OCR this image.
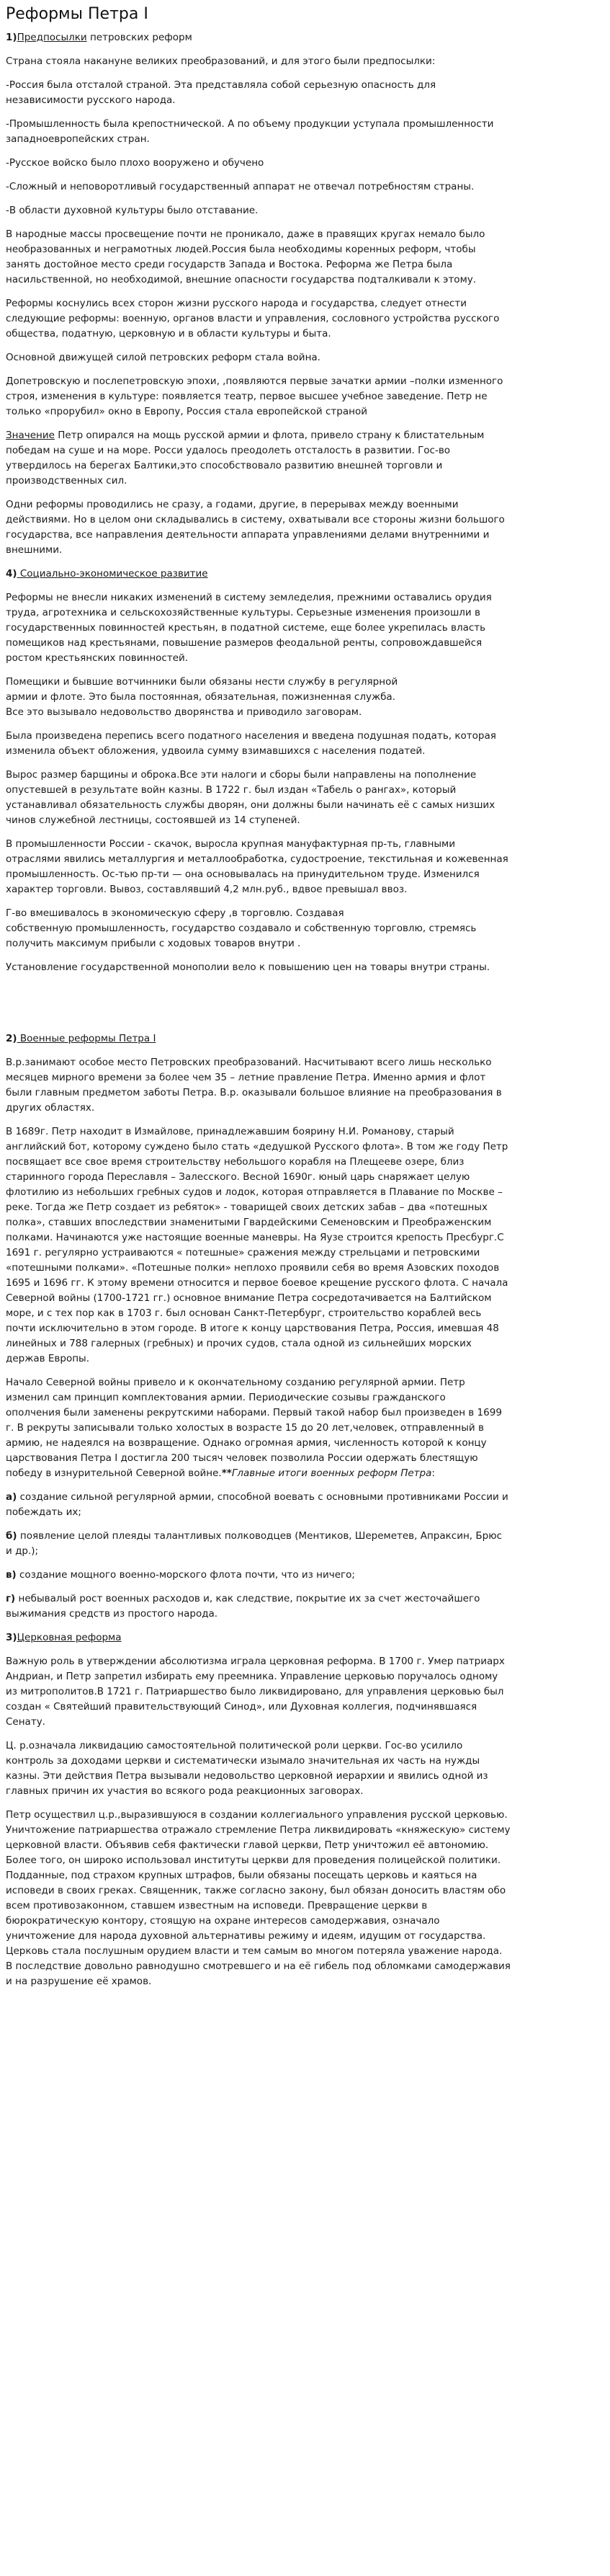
Реформы Петра I
1)Предпосылки петровских реформ

Страна стояла накануне великих преобразований, и для этого были предпосылки:

-Россия была отсталой страной. Эта представляла собой серьезную опасность для
независимости русского народа.

-Промышленность была крепостнической. А по объему продукции уступала промышленности
западноевропейских стран.

-Русское войско было плохо вооружено и обучено

-Сложный и неповоротливый государственный аппарат не отвечал потребностям страны.

-В области духовной культуры было отставание.

В народные массы просвещение почти не проникало, даже в правящих кругах немало было
необразованных и неграмотных людей.Россия была необходимы коренных реформ, чтобы
занять достойное место среди государств Запада и Востока. Реформа же Петра была
насильственной, но необходимой, внешние опасности государства подталкивали к этому.

Реформы коснулись всех сторон жизни русского народа и государства, следует отнести
следующие реформы: военную, органов власти и управления, сословного устройства русского
общества, податную, церковную и в области культуры и быта.

Основной движущей силой петровских реформ стала война.

Допетровскую и послепетровскую эпохи, ,появляются первые зачатки армии –полки изменного
строя, изменения в культуре: появляется театр, первое высшее учебное заведение. Петр не
только «прорубил» окно в Европу, Россия стала европейской страной

Значение Петр опирался на мощь русской армии и флота, привело страну к блистательным
победам на суше и на море. Росси удалось преодолеть отсталость в развитии. Гос-во
утвердилось на берегах Балтики,это способствовало развитию внешней торговли и
производственных сил.

Одни реформы проводились не сразу, а годами, другие, в перерывах между военными
действиями. Но в целом они складывались в систему, охватывали все стороны жизни большого
государства, все направления деятельности аппарата управлениями делами внутренними и
внешними.

4) Социально-экономическое развитие

Реформы не внесли никаких изменений в систему земледелия, прежними оставались орудия
труда, агротехника и сельскохозяйственные культуры. Серьезные изменения произошли в
государственных повинностей крестьян, в податной системе, еще более укрепилась власть
помещиков над крестьянами, повышение размеров феодальной ренты, сопровождавшейся
ростом крестьянских повинностей.

Помещики и бывшие вотчинники были обязаны нести службу в регулярной
армии и флоте. Это была постоянная, обязательная, пожизненная служба.
Все это вызывало недовольство дворянства и приводило заговорам.

Была произведена перепись всего податного населения и введена подушная подать, которая
изменила объект обложения, удвоила сумму взимавшихся с населения податей.

Вырос размер барщины и оброка.Все эти налоги и сборы были направлены на пополнение
опустевшей в результате войн казны. В 1722 г. был издан «Табель о рангах», который
устанавливал обязательность службы дворян, они должны были начинать её с самых низших
чинов служебной лестницы, состоявшей из 14 ступеней.

В промышленности России - скачок, выросла крупная мануфактурная пр-ть, главными
отраслями явились металлургия и металлообработка, судостроение, текстильная и кожевенная
промышленность. Ос-тью пр-ти — она основывалась на принудительном труде. Изменился
характер торговли. Вывоз, составлявший 4,2 млн.руб., вдвое превышал ввоз.

Г-во вмешивалось в экономическую сферу ,в торговлю. Создавая
собственную промышленность, государство создавало и собственную торговлю, стремясь
получить максимум прибыли с ходовых товаров внутри .

Установление государственной монополии вело к повышению цен на товары внутри страны.

2) Военные реформы Петра I

В.р.занимают особое место Петровских преобразований. Насчитывают всего лишь несколько
месяцев мирного времени за более чем 35 – летние правление Петра. Именно армия и флот
были главным предметом заботы Петра. В.р. оказывали большое влияние на преобразования в
других областях.

В 1689г. Петр находит в Измайлове, принадлежавшим боярину Н.И. Романову, старый
английский бот, которому суждено было стать «дедушкой Русского флота». В том же году Петр
посвящает все свое время строительству небольшого корабля на Плещееве озере, близ
старинного города Переславля – Залесского. Весной 1690г. юный царь снаряжает целую
флотилию из небольших гребных судов и лодок, которая отправляется в Плавание по Москве –
реке. Тогда же Петр создает из ребяток» - товарищей своих детских забав – два «потешных
полка», ставших впоследствии знаменитыми Гвардейскими Семеновским и Преображенским
полками. Начинаются уже настоящие военные маневры. На Яузе строится крепость Пресбург.С
1691 г. регулярно устраиваются « потешные» сражения между стрельцами и петровскими
«потешными полками». «Потешные полки» неплохо проявили себя во время Азовских походов
1695 и 1696 гг. К этому времени относится и первое боевое крещение русского флота. С начала
Северной войны (1700-1721 гг.) основное внимание Петра сосредотачивается на Балтийском
море, и с тех пор как в 1703 г. был основан Санкт-Петербург, строительство кораблей весь
почти исключительно в этом городе. В итоге к концу царствования Петра, Россия, имевшая 48
линейных и 788 галерных (гребных) и прочих судов, стала одной из сильнейших морских
держав Европы.

Начало Северной войны привело и к окончательному созданию регулярной армии. Петр
изменил сам принцип комплектования армии. Периодические созывы гражданского
ополчения были заменены рекрутскими наборами. Первый такой набор был произведен в 1699
г. В рекруты записывали только холостых в возрасте 15 до 20 лет,человек, отправленный в
армию, не надеялся на возвращение. Однако огромная армия, численность которой к концу
царствования Петра I достигла 200 тысяч человек позволила России одержать блестящую
победу в изнурительной Северной войне.**Главные итоги военных реформ Петра:

а) создание сильной регулярной армии, способной воевать с основными противниками России и
побеждать их;

б) появление целой плеяды талантливых полководцев (Ментиков, Шереметев, Апраксин, Брюс
и др.);

в) создание мощного военно-морского флота почти, что из ничего;

г) небывалый рост военных расходов и, как следствие, покрытие их за счет жесточайшего
выжимания средств из простого народа.

3)Церковная реформа

Важную роль в утверждении абсолютизма играла церковная реформа. В 1700 г. Умер патриарх
Андриан, и Петр запретил избирать ему преемника. Управление церковью поручалось одному
из митрополитов.В 1721 г. Патриаршество было ликвидировано, для управления церковью был
создан « Святейший правительствующий Синод», или Духовная коллегия, подчинявшаяся
Сенату.

Ц. р.означала ликвидацию самостоятельной политической роли церкви. Гос-во усилило
контроль за доходами церкви и систематически изымало значительная их часть на нужды
казны. Эти действия Петра вызывали недовольство церковной иерархии и явились одной из
главных причин их участия во всякого рода реакционных заговорах.

Петр осуществил ц.р.,выразившуюся в создании коллегиального управления русской церковью.
Уничтожение патриаршества отражало стремление Петра ликвидировать «княжескую» систему
церковной власти. Объявив себя фактически главой церкви, Петр уничтожил её автономию.
Более того, он широко использовал институты церкви для проведения полицейской политики.
Подданные, под страхом крупных штрафов, были обязаны посещать церковь и каяться на
исповеди в своих греках. Священник, также согласно закону, был обязан доносить властям обо
всем противозаконном, ставшем известным на исповеди. Превращение церкви в
бюрократическую контору, стоящую на охране интересов самодержавия, означало
уничтожение для народа духовной альтернативы режиму и идеям, идущим от государства.
Церковь стала послушным орудием власти и тем самым во многом потеряла уважение народа.
В последствие довольно равнодушно смотревшего и на её гибель под обломками самодержавия
и на разрушение её храмов.
